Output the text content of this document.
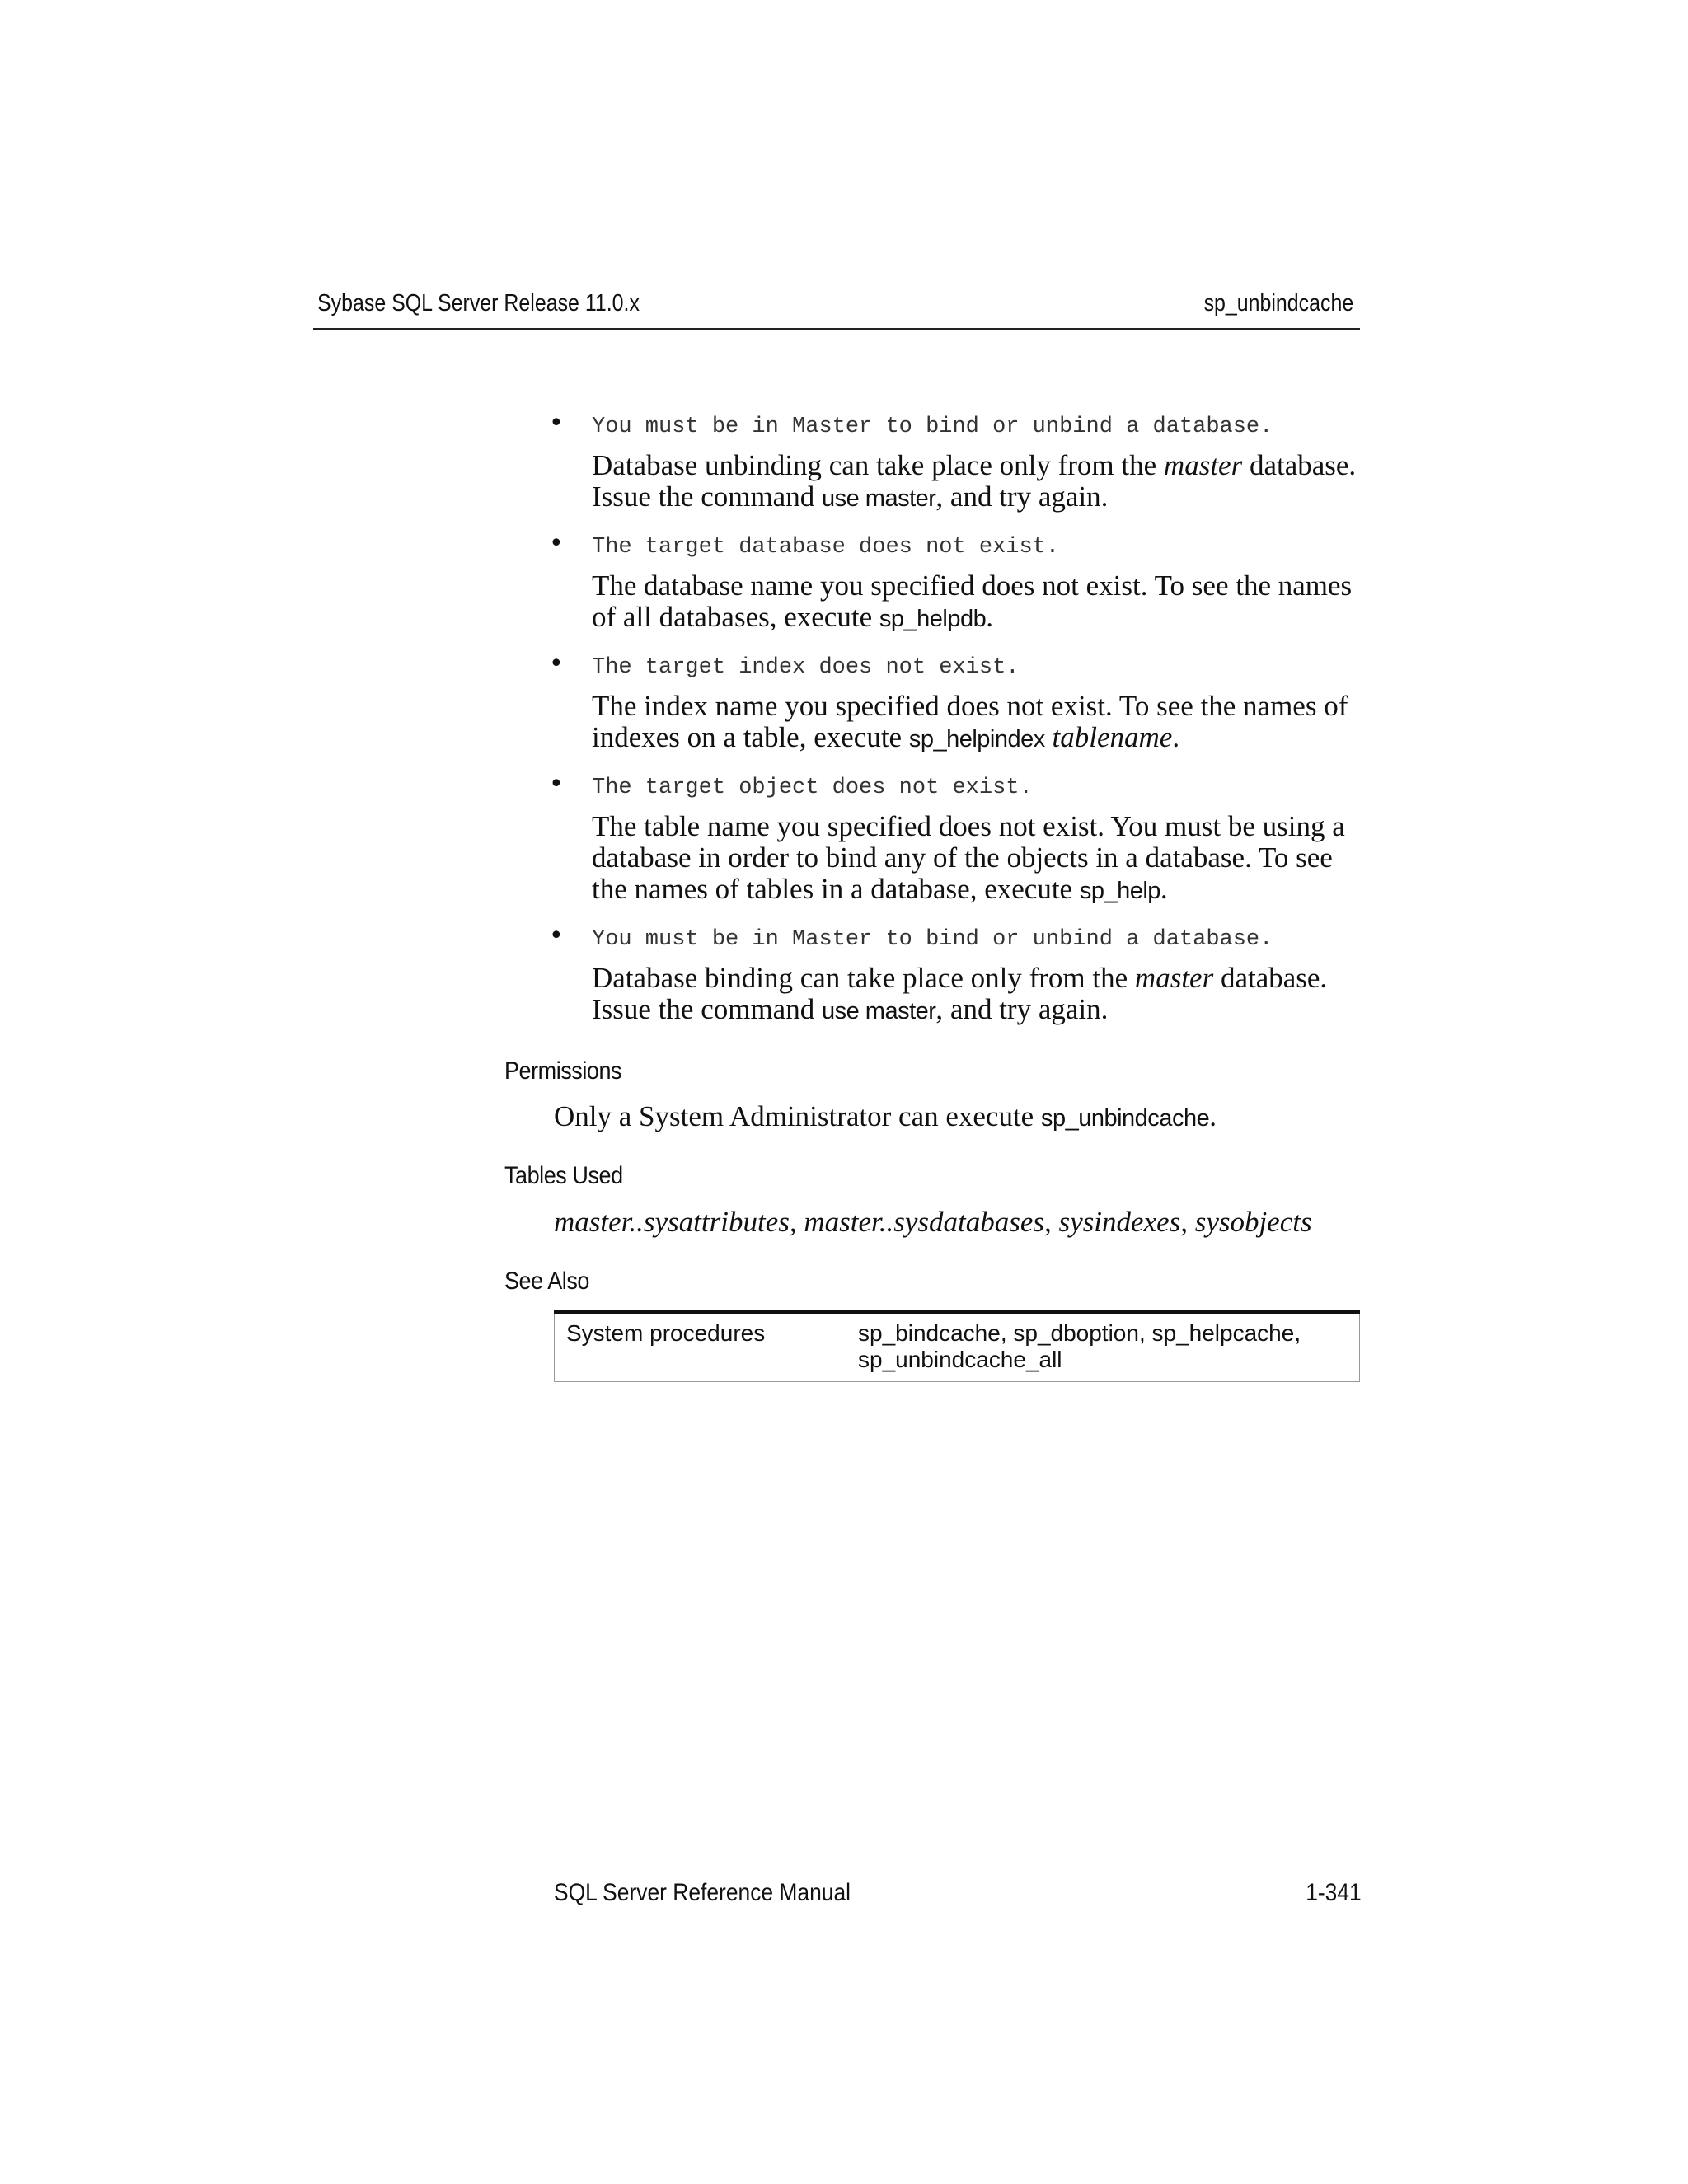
Sybase SQL Server Release 11.0.x	sp_unbindcache
• You must be in Master to bind or unbind a database.
Database unbinding can take place only from the master database. Issue the command use master, and try again.
• The target database does not exist.
The database name you specified does not exist. To see the names of all databases, execute sp_helpdb.
• The target index does not exist.
The index name you specified does not exist. To see the names of indexes on a table, execute sp_helpindex tablename.
• The target object does not exist.
The table name you specified does not exist. You must be using a database in order to bind any of the objects in a database. To see the names of tables in a database, execute sp_help.
• You must be in Master to bind or unbind a database.
Database binding can take place only from the master database. Issue the command use master, and try again.
Permissions
Only a System Administrator can execute sp_unbindcache.
Tables Used
master..sysattributes, master..sysdatabases, sysindexes, sysobjects
See Also
System procedures	sp_bindcache, sp_dboption, sp_helpcache,
sp_unbindcache_all
SQL Server Reference Manual	1-341
